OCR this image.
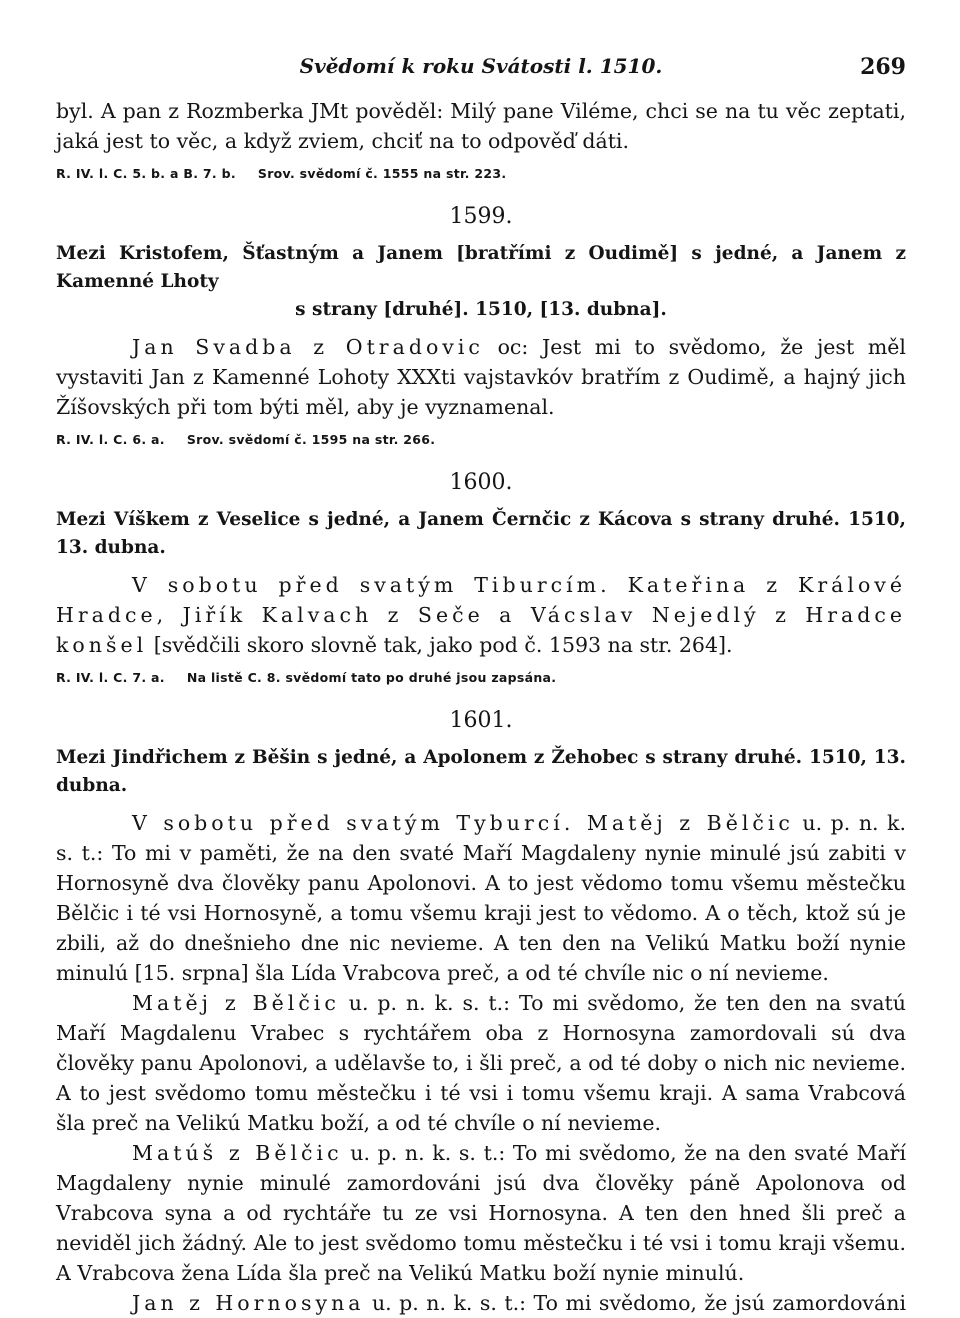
Svědomí k roku Svátosti l. 1510.	269

byl. A pan z Rozmberka JMt pověděl: Milý pane Viléme, chci se na tu věc zeptati, jaká jest to věc, a když zviem, chciť na to odpověď dáti.

R. IV. l. C. 5. b. a B. 7. b. Srov. svědomí č. 1555 na str. 223.
1599.
Mezi Kristofem, Šťastným a Janem [bratřími z Oudimě] s jedné, a Janem z Kamenné Lhoty
s strany [druhé]. 1510, [13. dubna].

Jan Svadba z Otradovic oc: Jest mi to svědomo, že jest měl vystaviti Jan z Kamenné Lohoty XXXti vajstavkóv bratřím z Oudimě, a hajný jich Žíšovských při tom býti měl, aby je vyznamenal.

R. IV. l. C. 6. a. Srov. svědomí č. 1595 na str. 266.
1600.
Mezi Víškem z Veselice s jedné, a Janem Černčic z Kácova s strany druhé. 1510, 13. dubna.

V sobotu před svatým Tiburcím. Kateřina z Králové Hradce, Jiřík Kalvach z Seče a Vácslav Nejedlý z Hradce konšel [svědčili skoro slovně tak, jako pod č. 1593 na str. 264].

R. IV. l. C. 7. a. Na listě C. 8. svědomí tato po druhé jsou zapsána.
1601.
Mezi Jindřichem z Běšin s jedné, a Apolonem z Žehobec s strany druhé. 1510, 13. dubna.

V sobotu před svatým Tyburcí. Matěj z Bělčic u. p. n. k. s. t.: To mi v paměti, že na den svaté Maří Magdaleny nynie minulé jsú zabiti v Hornosyně dva člověky panu Apolonovi. A to jest vědomo tomu všemu městečku Bělčic i té vsi Hornosyně, a tomu všemu kraji jest to vědomo. A o těch, ktož sú je zbili, až do dnešnieho dne nic nevieme. A ten den na Velikú Matku boží nynie minulú [15. srpna] šla Lída Vrabcova preč, a od té chvíle nic o ní nevieme.

Matěj z Bělčic u. p. n. k. s. t.: To mi svědomo, že ten den na svatú Maří Magdalenu Vrabec s rychtářem oba z Hornosyna zamordovali sú dva člověky panu Apolonovi, a udělavše to, i šli preč, a od té doby o nich nic nevieme. A to jest svědomo tomu městečku i té vsi i tomu všemu kraji. A sama Vrabcová šla preč na Velikú Matku boží, a od té chvíle o ní nevieme.

Matúš z Bělčic u. p. n. k. s. t.: To mi svědomo, že na den svaté Maří Magdaleny nynie minulé zamordováni jsú dva člověky páně Apolonova od Vrabcova syna a od rychtáře tu ze vsi Hornosyna. A ten den hned šli preč a neviděl jich žádný. Ale to jest svědomo tomu městečku i té vsi i tomu kraji všemu. A Vrabcova žena Lída šla preč na Velikú Matku boží nynie minulú.

Jan z Hornosyna u. p. n. k. s. t.: To mi svědomo, že jsú zamordováni
